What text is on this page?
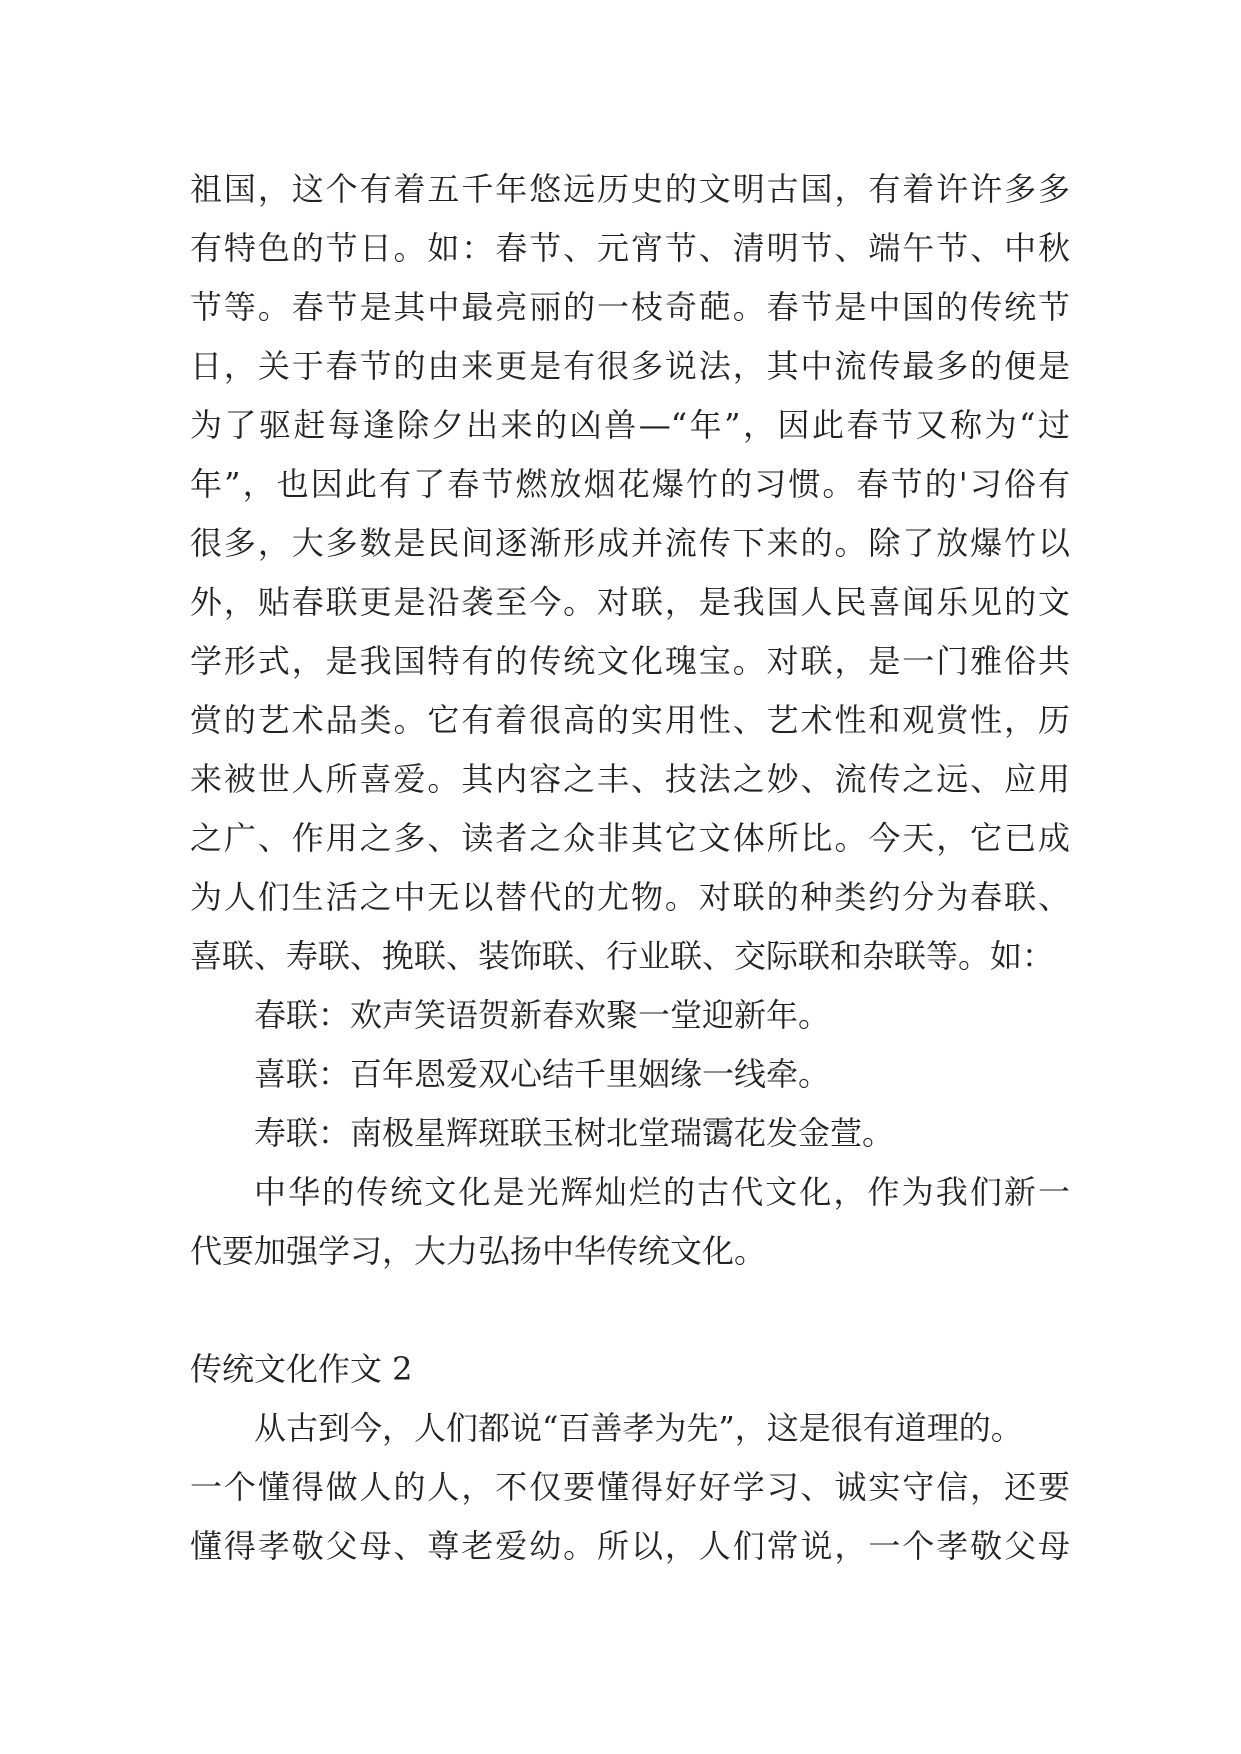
祖国，这个有着五千年悠远历史的文明古国，有着许许多多
有特色的节日。如：春节、元宵节、清明节、端午节、中秋
节等。春节是其中最亮丽的一枝奇葩。春节是中国的传统节
日，关于春节的由来更是有很多说法，其中流传最多的便是
为了驱赶每逢除夕出来的凶兽—“年”，因此春节又称为“过
年”，也因此有了春节燃放烟花爆竹的习惯。春节的'习俗有
很多，大多数是民间逐渐形成并流传下来的。除了放爆竹以
外，贴春联更是沿袭至今。对联，是我国人民喜闻乐见的文
学形式，是我国特有的传统文化瑰宝。对联，是一门雅俗共
赏的艺术品类。它有着很高的实用性、艺术性和观赏性，历
来被世人所喜爱。其内容之丰、技法之妙、流传之远、应用
之广、作用之多、读者之众非其它文体所比。今天，它已成
为人们生活之中无以替代的尤物。对联的种类约分为春联、
喜联、寿联、挽联、装饰联、行业联、交际联和杂联等。如：
春联：欢声笑语贺新春欢聚一堂迎新年。
喜联：百年恩爱双心结千里姻缘一线牵。
寿联：南极星辉斑联玉树北堂瑞霭花发金萱。
中华的传统文化是光辉灿烂的古代文化，作为我们新一
代要加强学习，大力弘扬中华传统文化。
传统文化作文 2
从古到今，人们都说“百善孝为先”，这是很有道理的。
一个懂得做人的人，不仅要懂得好好学习、诚实守信，还要
懂得孝敬父母、尊老爱幼。所以，人们常说，一个孝敬父母
